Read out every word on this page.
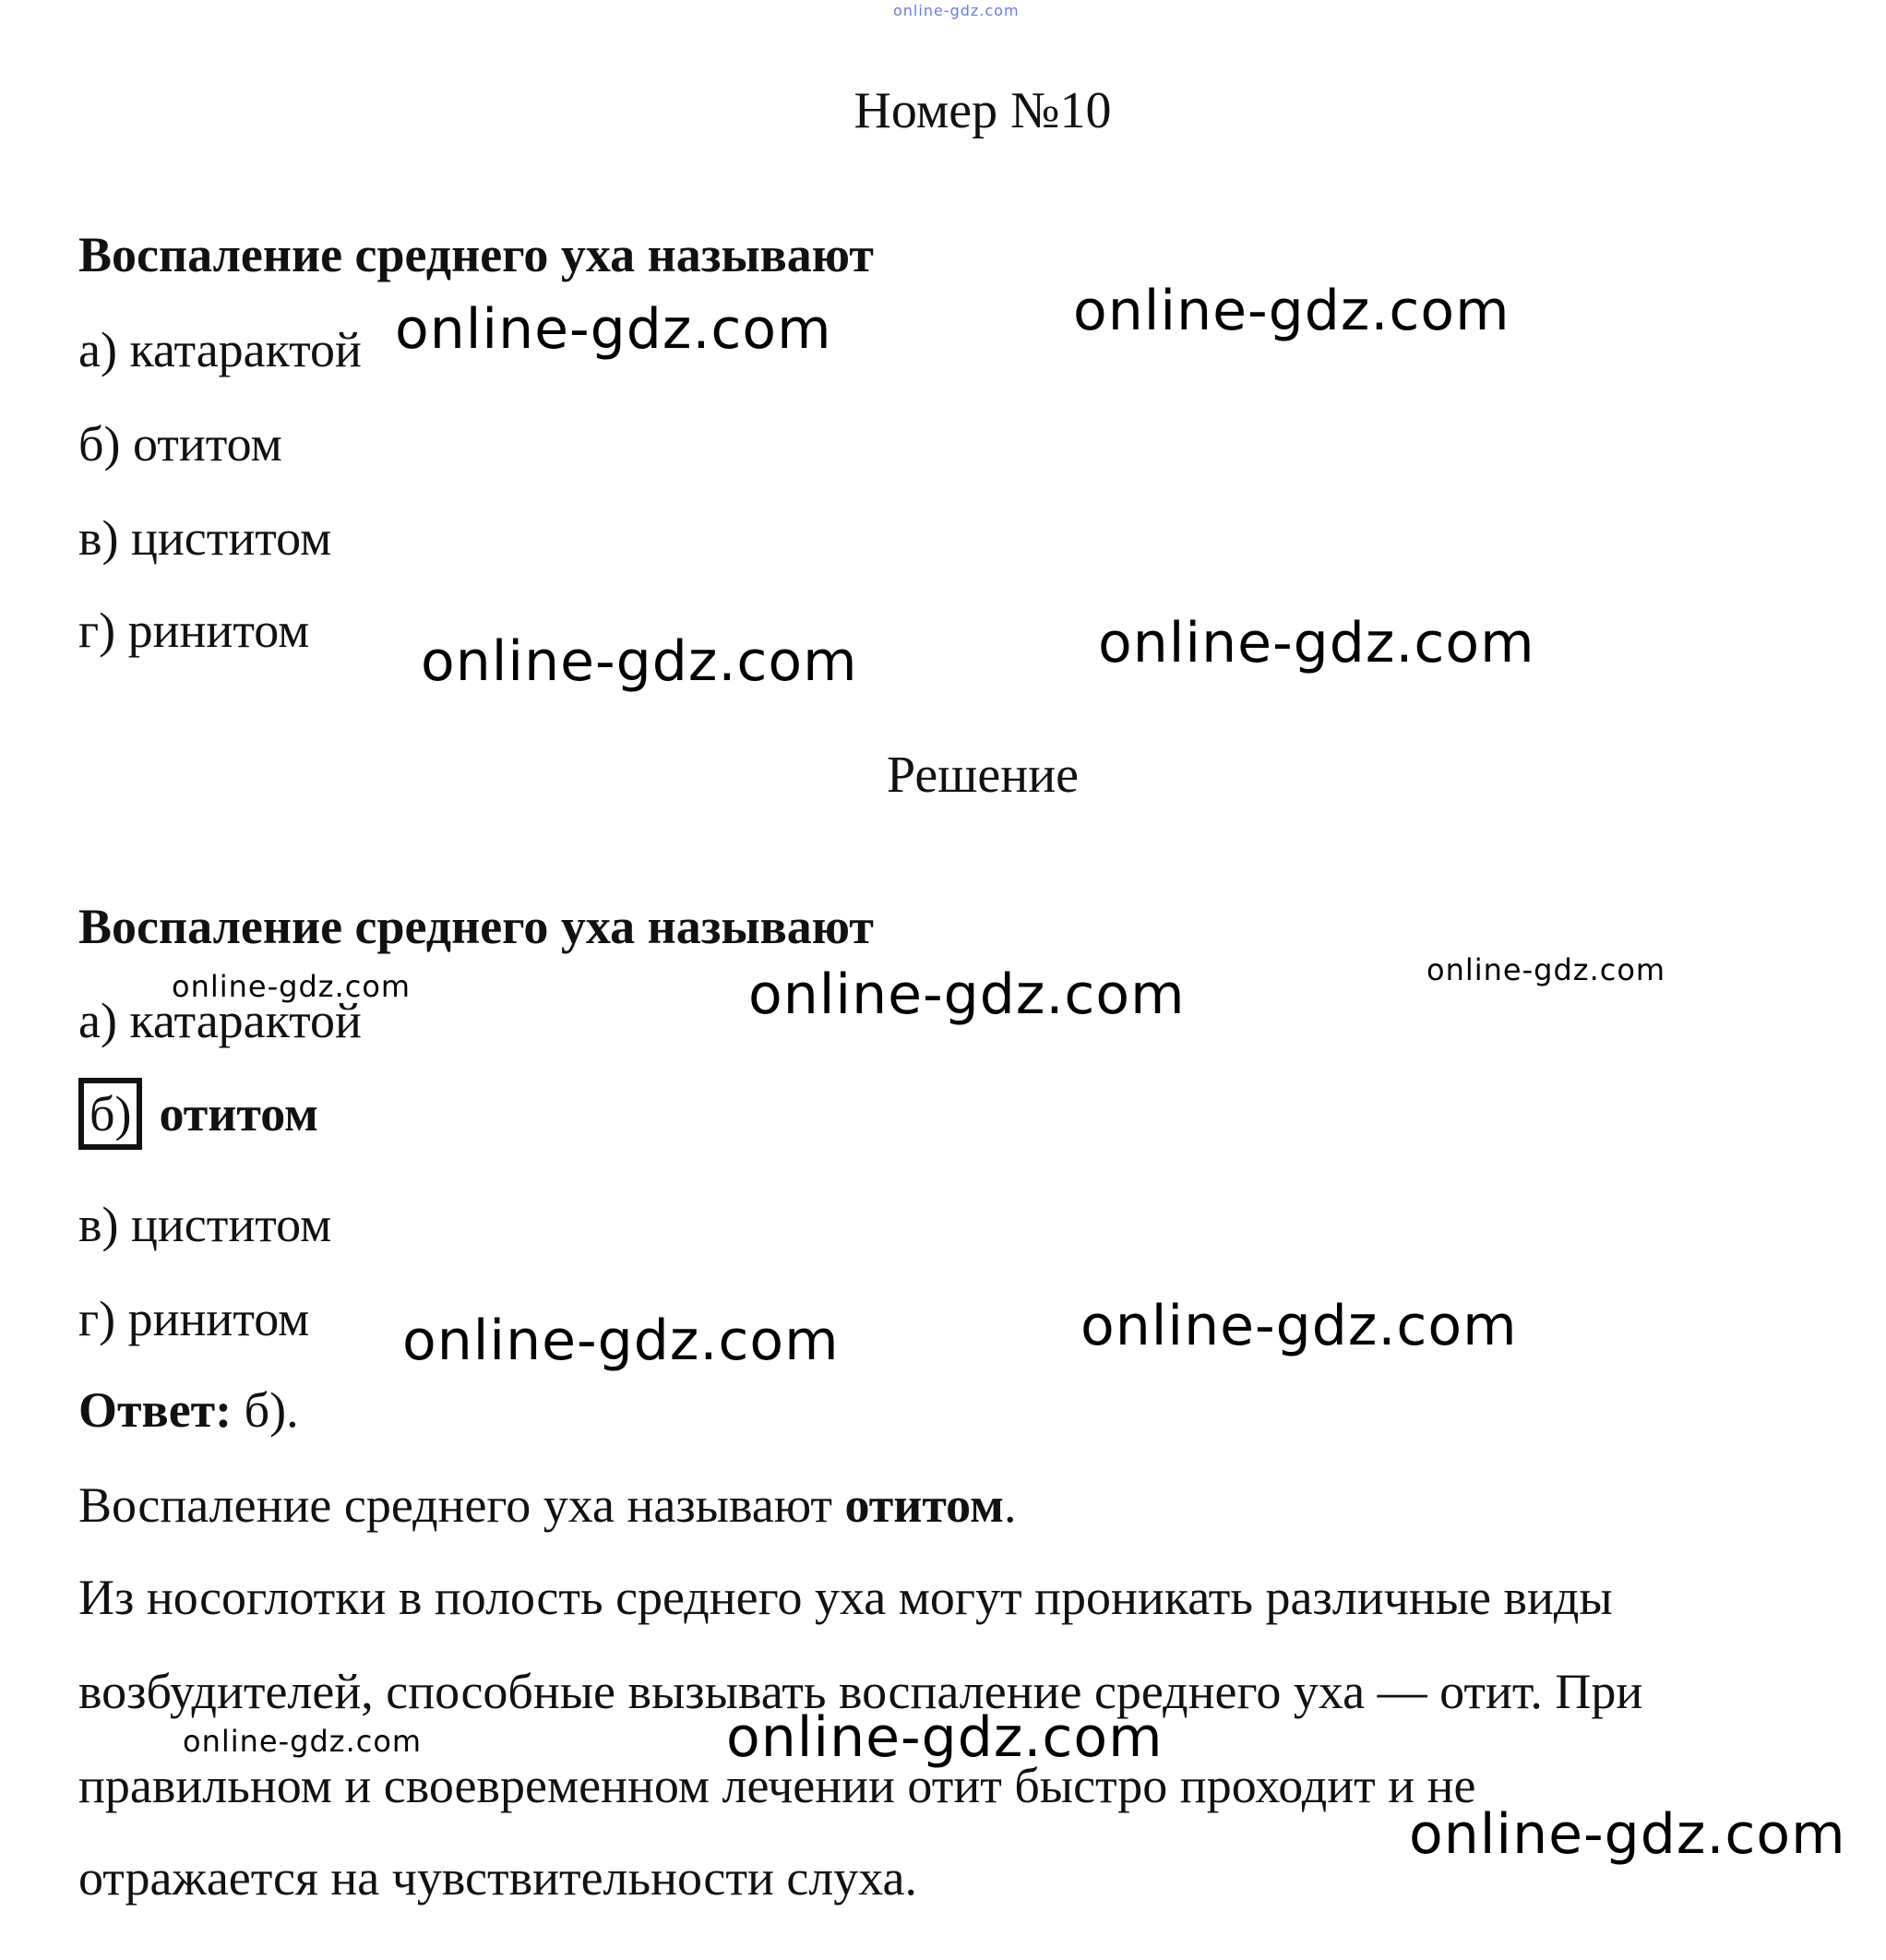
online-gdz.com
Номер №10
Воспаление среднего уха называют
а) катарактой
б) отитом
в) циститом
г) ринитом
Решение
Воспаление среднего уха называют
а) катарактой
б) отитом
в) циститом
г) ринитом
Ответ: б).
Воспаление среднего уха называют отитом.
Из носоглотки в полость среднего уха могут проникать различные виды
возбудителей, способные вызывать воспаление среднего уха — отит. При
правильном и своевременном лечении отит быстро проходит и не
отражается на чувствительности слуха.
online-gdz.com	online-gdz.com
online-gdz.com	online-gdz.com
online-gdz.com	online-gdz.com	online-gdz.com
online-gdz.com	online-gdz.com
online-gdz.com	online-gdz.com
online-gdz.com
